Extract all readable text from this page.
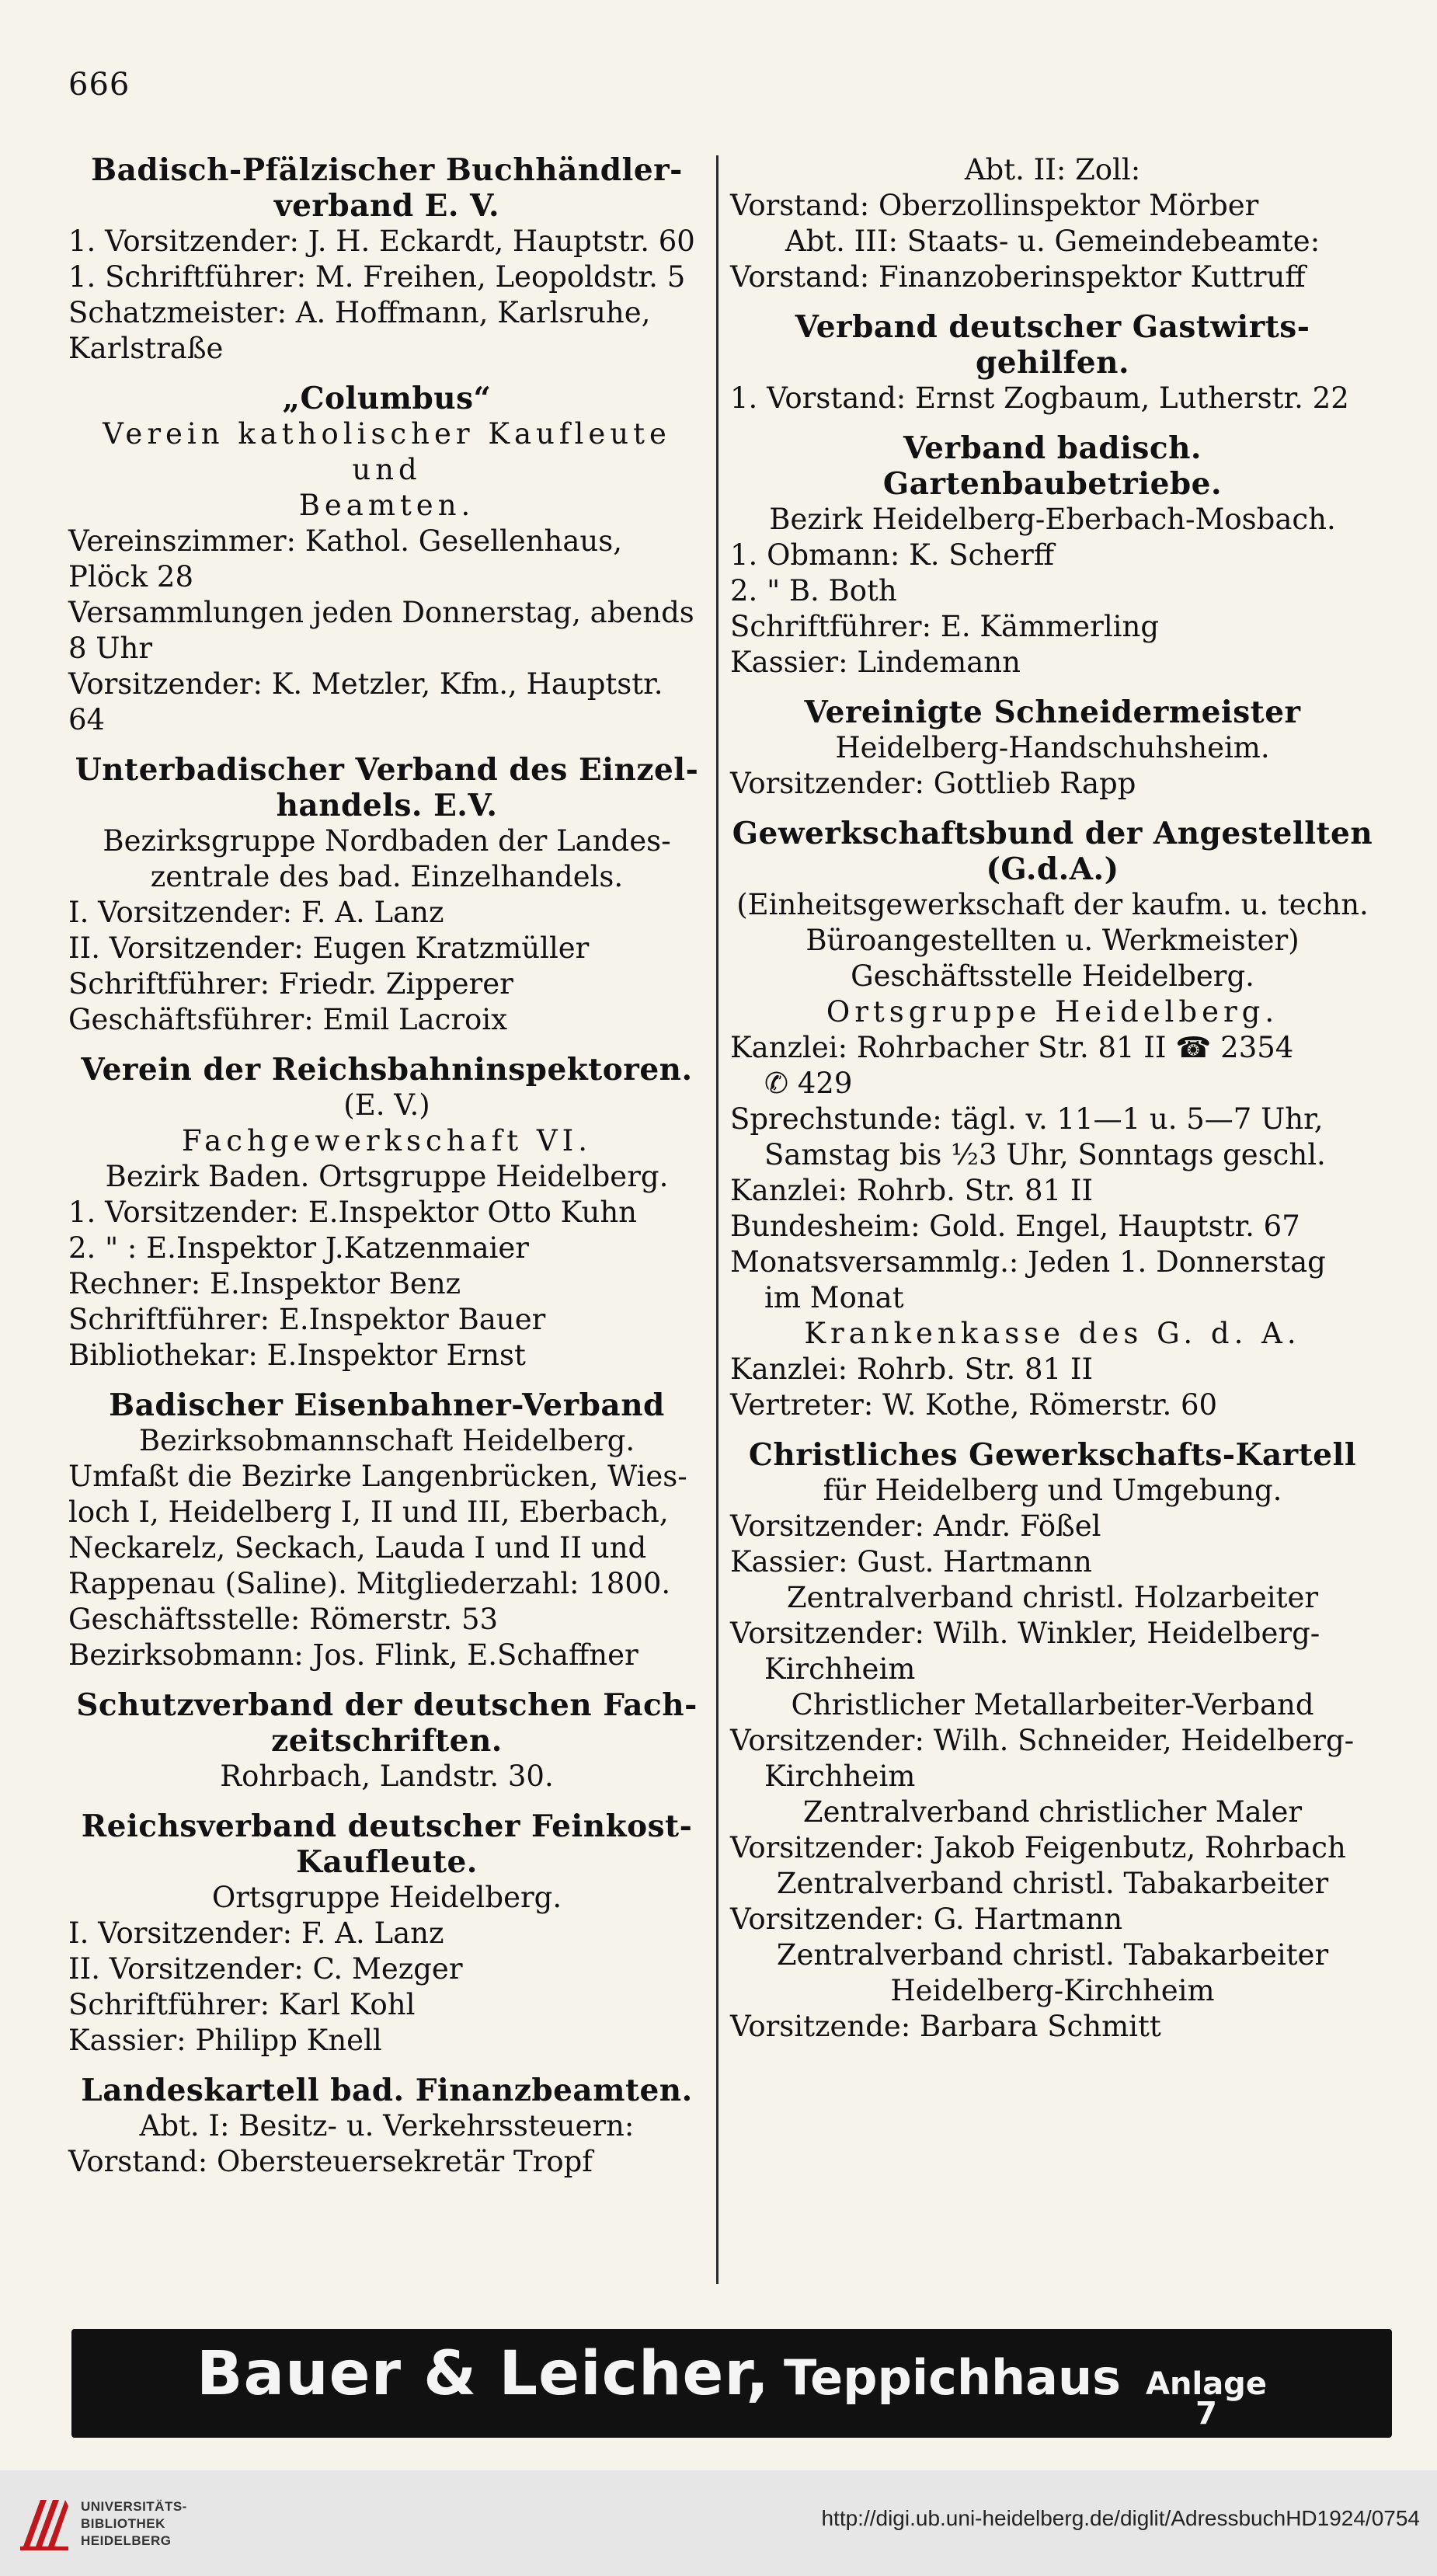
666
Badisch-Pfälzischer Buchhändler-
verband E. V.
1. Vorsitzender: J. H. Eckardt, Hauptstr. 60
1. Schriftführer: M. Freihen, Leopoldstr. 5
Schatzmeister: A. Hoffmann, Karlsruhe,
Karlstraße
„Columbus“
Verein katholischer Kaufleute und
Beamten.
Vereinszimmer: Kathol. Gesellenhaus,
Plöck 28
Versammlungen jeden Donnerstag, abends
8 Uhr
Vorsitzender: K. Metzler, Kfm., Hauptstr. 64
Unterbadischer Verband des Einzel-
handels. E.V.
Bezirksgruppe Nordbaden der Landes-
zentrale des bad. Einzelhandels.
I. Vorsitzender: F. A. Lanz
II. Vorsitzender: Eugen Kratzmüller
Schriftführer: Friedr. Zipperer
Geschäftsführer: Emil Lacroix
Verein der Reichsbahninspektoren.
(E. V.)
Fachgewerkschaft VI.
Bezirk Baden. Ortsgruppe Heidelberg.
1. Vorsitzender: E.Inspektor Otto Kuhn
2. " : E.Inspektor J.Katzenmaier
Rechner: E.Inspektor Benz
Schriftführer: E.Inspektor Bauer
Bibliothekar: E.Inspektor Ernst
Badischer Eisenbahner-Verband
Bezirksobmannschaft Heidelberg.
Umfaßt die Bezirke Langenbrücken, Wies-
loch I, Heidelberg I, II und III, Eberbach,
Neckarelz, Seckach, Lauda I und II und
Rappenau (Saline). Mitgliederzahl: 1800.
Geschäftsstelle: Römerstr. 53
Bezirksobmann: Jos. Flink, E.Schaffner
Schutzverband der deutschen Fach-
zeitschriften.
Rohrbach, Landstr. 30.
Reichsverband deutscher Feinkost-
Kaufleute.
Ortsgruppe Heidelberg.
I. Vorsitzender: F. A. Lanz
II. Vorsitzender: C. Mezger
Schriftführer: Karl Kohl
Kassier: Philipp Knell
Landeskartell bad. Finanzbeamten.
Abt. I: Besitz- u. Verkehrssteuern:
Vorstand: Obersteuersekretär Tropf
Abt. II: Zoll:
Vorstand: Oberzollinspektor Mörber
Abt. III: Staats- u. Gemeindebeamte:
Vorstand: Finanzoberinspektor Kuttruff
Verband deutscher Gastwirts-
gehilfen.
1. Vorstand: Ernst Zogbaum, Lutherstr. 22
Verband badisch. Gartenbaubetriebe.
Bezirk Heidelberg-Eberbach-Mosbach.
1. Obmann: K. Scherff
2. " B. Both
Schriftführer: E. Kämmerling
Kassier: Lindemann
Vereinigte Schneidermeister
Heidelberg-Handschuhsheim.
Vorsitzender: Gottlieb Rapp
Gewerkschaftsbund der Angestellten
(G.d.A.)
(Einheitsgewerkschaft der kaufm. u. techn.
Büroangestellten u. Werkmeister)
Geschäftsstelle Heidelberg.
Ortsgruppe Heidelberg.
Kanzlei: Rohrbacher Str. 81 II ☎ 2354
✆ 429
Sprechstunde: tägl. v. 11—1 u. 5—7 Uhr,
Samstag bis ½3 Uhr, Sonntags geschl.
Kanzlei: Rohrb. Str. 81 II
Bundesheim: Gold. Engel, Hauptstr. 67
Monatsversammlg.: Jeden 1. Donnerstag
im Monat
Krankenkasse des G. d. A.
Kanzlei: Rohrb. Str. 81 II
Vertreter: W. Kothe, Römerstr. 60
Christliches Gewerkschafts-Kartell
für Heidelberg und Umgebung.
Vorsitzender: Andr. Fößel
Kassier: Gust. Hartmann
Zentralverband christl. Holzarbeiter
Vorsitzender: Wilh. Winkler, Heidelberg-
Kirchheim
Christlicher Metallarbeiter-Verband
Vorsitzender: Wilh. Schneider, Heidelberg-
Kirchheim
Zentralverband christlicher Maler
Vorsitzender: Jakob Feigenbutz, Rohrbach
Zentralverband christl. Tabakarbeiter
Vorsitzender: G. Hartmann
Zentralverband christl. Tabakarbeiter
Heidelberg-Kirchheim
Vorsitzende: Barbara Schmitt
Bauer & Leicher, Teppichhaus Anlage
7
UNIVERSITÄTS-
BIBLIOTHEK
HEIDELBERG
http://digi.ub.uni-heidelberg.de/diglit/AdressbuchHD1924/0754
